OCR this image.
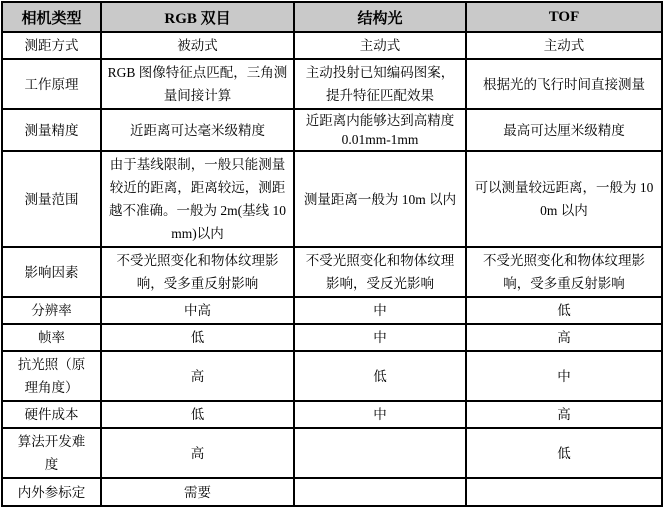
相机类型	RGB 双目	结构光	TOF
测距方式	被动式	主动式	主动式
工作原理	RGB 图像特征点匹配，三角测量间接计算	主动投射已知编码图案，提升特征匹配效果	根据光的飞行时间直接测量
测量精度	近距离可达毫米级精度	近距离内能够达到高精度 0.01mm-1mm	最高可达厘米级精度
测量范围	由于基线限制，一般只能测量较近的距离，距离较远，测距越不准确。一般为 2m(基线 10mm)以内	测量距离一般为 10m 以内	可以测量较远距离，一般为 100m 以内
影响因素	不受光照变化和物体纹理影响，受多重反射影响	不受光照变化和物体纹理影响，受反光影响	不受光照变化和物体纹理影响，受多重反射影响
分辨率	中高	中	低
帧率	低	中	高
抗光照（原理角度）	高	低	中
硬件成本	低	中	高
算法开发难度	高		低
内外参标定	需要		
